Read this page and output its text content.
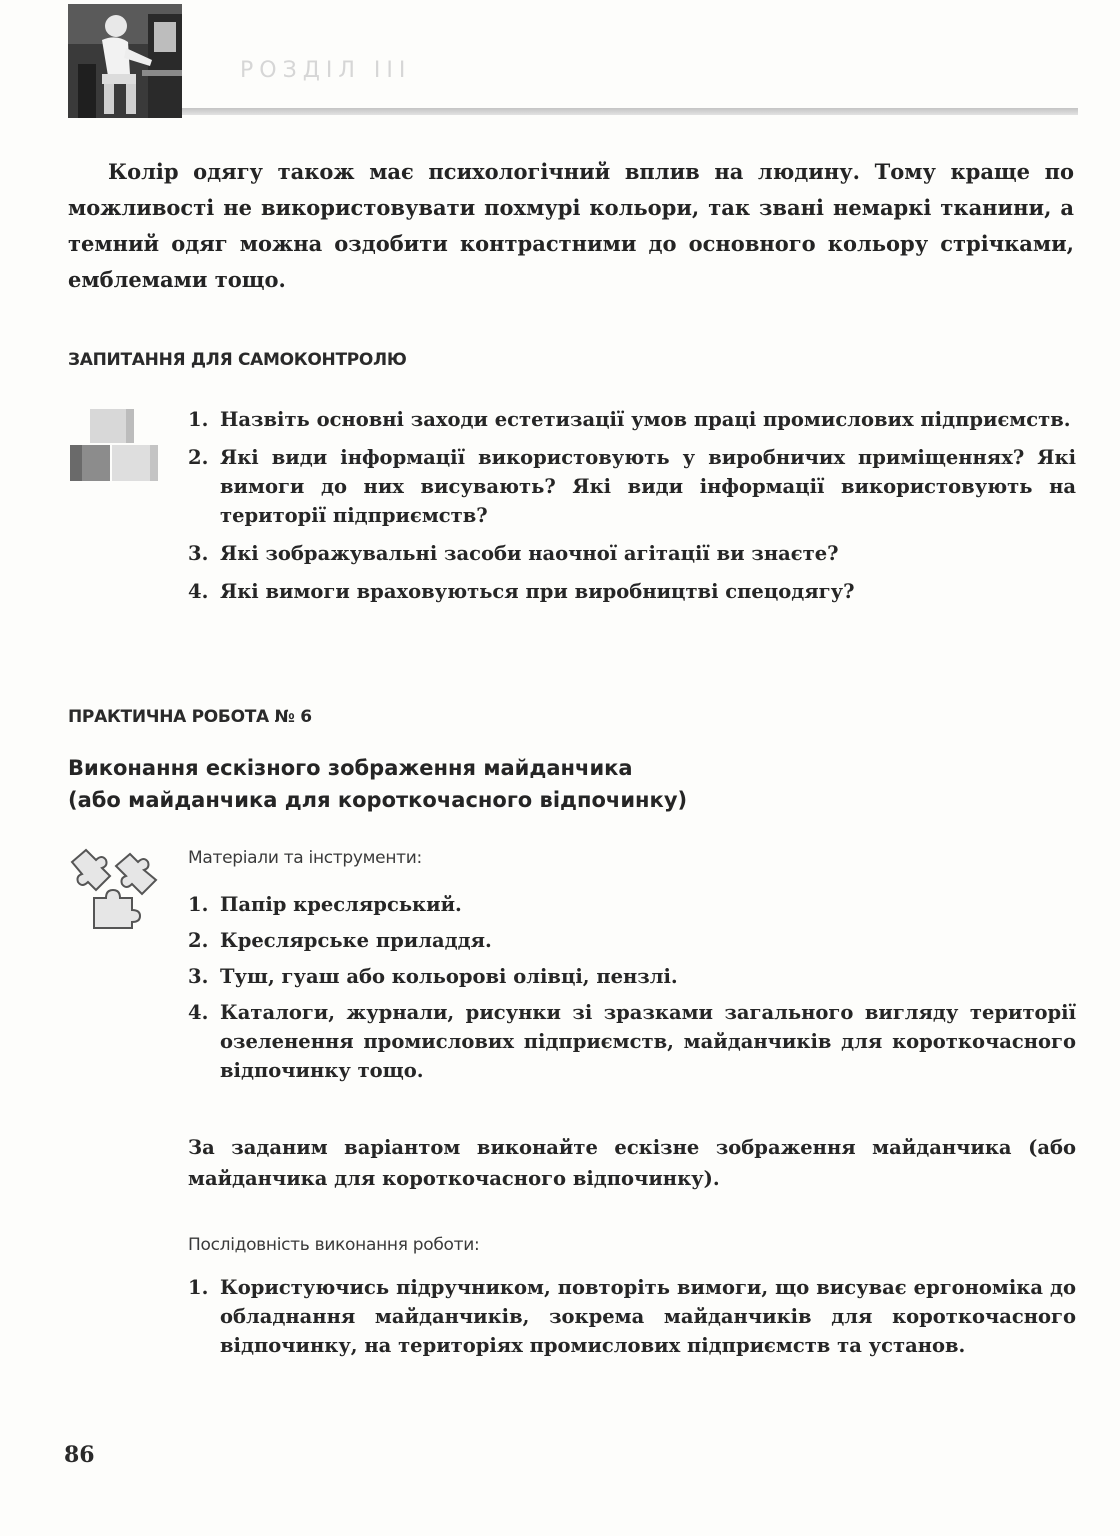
РОЗДІЛ III

Колір одягу також має психологічний вплив на людину. Тому краще по можливості не використовувати похмурі кольори, так звані немаркі тканини, а темний одяг можна оздобити контрастними до основного кольору стрічками, емблемами тощо.

ЗАПИТАННЯ ДЛЯ САМОКОНТРОЛЮ
1. Назвіть основні заходи естетизації умов праці промислових підприємств.
2. Які види інформації використовують у виробничих приміщеннях? Які вимоги до них висувають? Які види інформації використовують на території підприємств?
3. Які зображувальні засоби наочної агітації ви знаєте?
4. Які вимоги враховуються при виробництві спецодягу?
ПРАКТИЧНА РОБОТА № 6
Виконання ескізного зображення майданчика
(або майданчика для короткочасного відпочинку)
Матеріали та інструменти:
1. Папір креслярський.
2. Креслярське приладдя.
3. Туш, гуаш або кольорові олівці, пензлі.
4. Каталоги, журнали, рисунки зі зразками загального вигляду території озеленення промислових підприємств, майданчиків для короткочасного відпочинку тощо.

За заданим варіантом виконайте ескізне зображення майданчика (або майданчика для короткочасного відпочинку).

Послідовність виконання роботи:
1. Користуючись підручником, повторіть вимоги, що висуває ергономіка до обладнання майданчиків, зокрема майданчиків для короткочасного відпочинку, на територіях промислових підприємств та установ.
86
